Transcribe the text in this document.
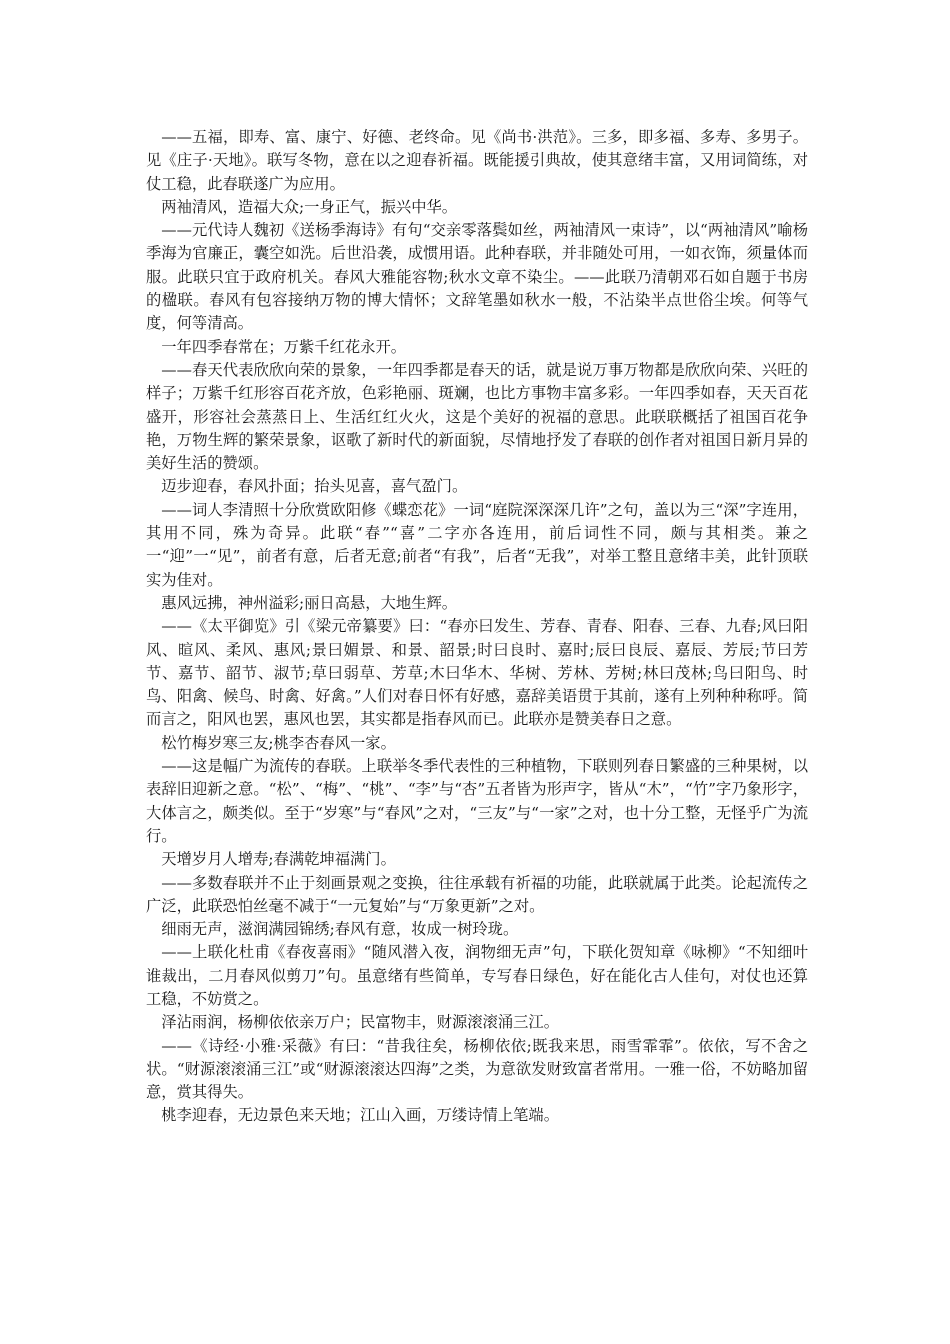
——五福，即寿、富、康宁、好德、老终命。见《尚书·洪范》。三多，即多福、多寿、多男子。见《庄子·天地》。联写冬物，意在以之迎春祈福。既能援引典故，使其意绪丰富，又用词简练，对仗工稳，此春联遂广为应用。

两袖清风，造福大众;一身正气，振兴中华。

——元代诗人魏初《送杨季海诗》有句“交亲零落鬓如丝，两袖清风一束诗”，以“两袖清风”喻杨季海为官廉正，囊空如洗。后世沿袭，成惯用语。此种春联，并非随处可用，一如衣饰，须量体而服。此联只宜于政府机关。春风大雅能容物;秋水文章不染尘。——此联乃清朝邓石如自题于书房的楹联。春风有包容接纳万物的博大情怀；文辞笔墨如秋水一般，不沾染半点世俗尘埃。何等气度，何等清高。

一年四季春常在；万紫千红花永开。

——春天代表欣欣向荣的景象，一年四季都是春天的话，就是说万事万物都是欣欣向荣、兴旺的样子；万紫千红形容百花齐放，色彩艳丽、斑斓，也比方事物丰富多彩。一年四季如春，天天百花盛开，形容社会蒸蒸日上、生活红红火火，这是个美好的祝福的意思。此联联概括了祖国百花争艳，万物生辉的繁荣景象，讴歌了新时代的新面貌，尽情地抒发了春联的创作者对祖国日新月异的美好生活的赞颂。

迈步迎春，春风扑面；抬头见喜，喜气盈门。

——词人李清照十分欣赏欧阳修《蝶恋花》一词“庭院深深深几许”之句，盖以为三“深”字连用，其用不同，殊为奇异。此联“春”“喜”二字亦各连用，前后词性不同，颇与其相类。兼之一“迎”一“见”，前者有意，后者无意;前者“有我”，后者“无我”，对举工整且意绪丰美，此针顶联实为佳对。

惠风远拂，神州溢彩;丽日高悬，大地生辉。

——《太平御览》引《梁元帝纂要》曰：“春亦曰发生、芳春、青春、阳春、三春、九春;风曰阳风、暄风、柔风、惠风;景曰媚景、和景、韶景;时曰良时、嘉时;辰曰良辰、嘉辰、芳辰;节曰芳节、嘉节、韶节、淑节;草曰弱草、芳草;木曰华木、华树、芳林、芳树;林曰茂林;鸟曰阳鸟、时鸟、阳禽、候鸟、时禽、好禽。”人们对春日怀有好感，嘉辞美语贯于其前，遂有上列种种称呼。简而言之，阳风也罢，惠风也罢，其实都是指春风而已。此联亦是赞美春日之意。

松竹梅岁寒三友;桃李杏春风一家。

——这是幅广为流传的春联。上联举冬季代表性的三种植物，下联则列春日繁盛的三种果树，以表辞旧迎新之意。“松”、“梅”、“桃”、“李”与“杏”五者皆为形声字，皆从“木”，“竹”字乃象形字，大体言之，颇类似。至于“岁寒”与“春风”之对，“三友”与“一家”之对，也十分工整，无怪乎广为流行。

天增岁月人增寿;春满乾坤福满门。

——多数春联并不止于刻画景观之变换，往往承载有祈福的功能，此联就属于此类。论起流传之广泛，此联恐怕丝毫不减于“一元复始”与“万象更新”之对。

细雨无声，滋润满园锦绣;春风有意，妆成一树玲珑。

——上联化杜甫《春夜喜雨》“随风潜入夜，润物细无声”句，下联化贺知章《咏柳》“不知细叶谁裁出，二月春风似剪刀”句。虽意绪有些简单，专写春日绿色，好在能化古人佳句，对仗也还算工稳，不妨赏之。

泽沾雨润，杨柳依依亲万户；民富物丰，财源滚滚涌三江。

——《诗经·小雅·采薇》有曰：“昔我往矣，杨柳依依;既我来思，雨雪霏霏”。依依，写不舍之状。“财源滚滚涌三江”或“财源滚滚达四海”之类，为意欲发财致富者常用。一雅一俗，不妨略加留意，赏其得失。

桃李迎春，无边景色来天地；江山入画，万缕诗情上笔端。
